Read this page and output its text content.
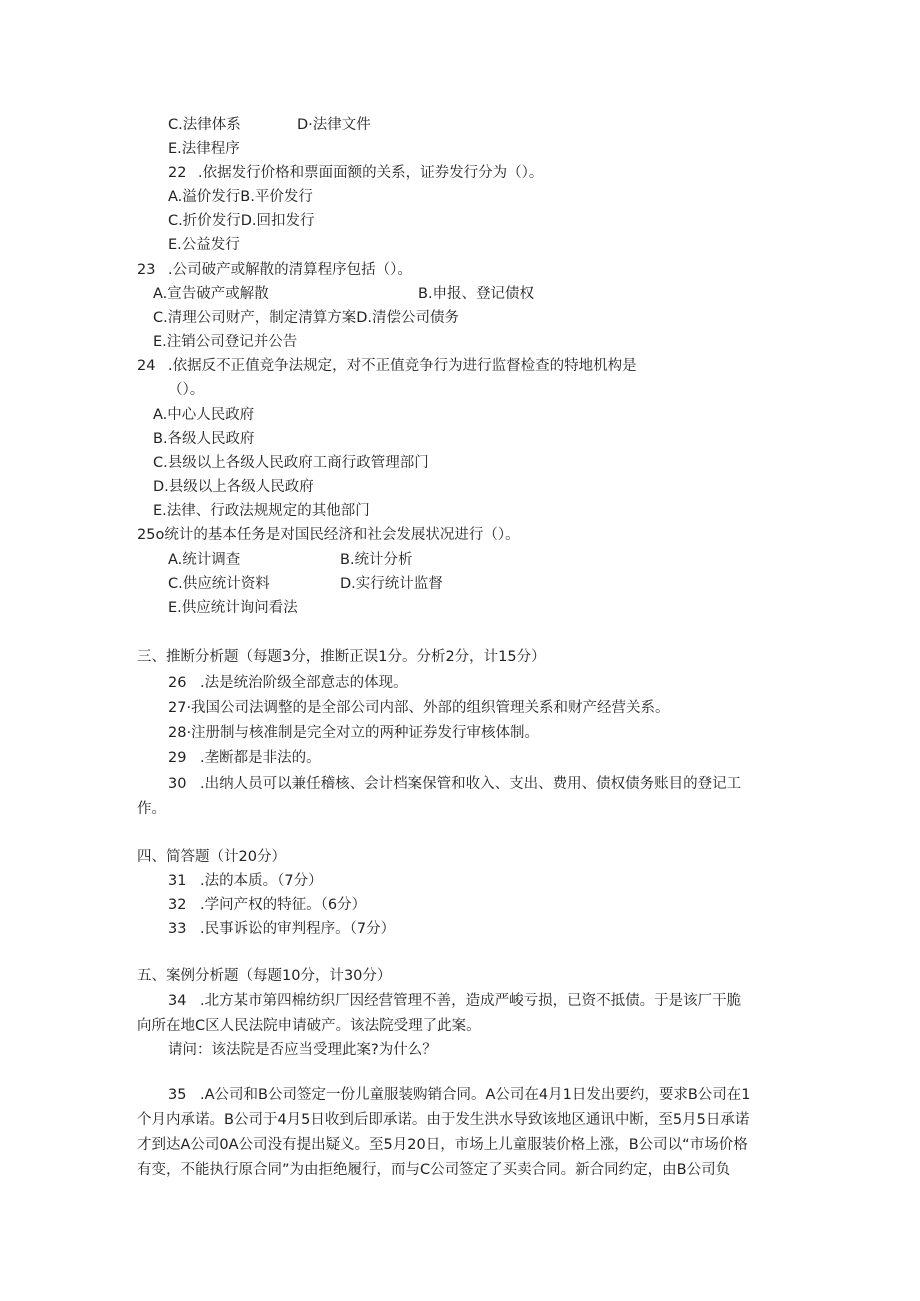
C.法律体系	D·法律文件
E.法律程序
22 .依据发行价格和票面面额的关系，证券发行分为（）。
A.溢价发行B.平价发行
C.折价发行D.回扣发行
E.公益发行
23 .公司破产或解散的清算程序包括（）。
A.宣告破产或解散	B.申报、登记债权
C.清理公司财产，制定清算方案D.清偿公司债务
E.注销公司登记并公告
24 .依据反不正值竞争法规定，对不正值竞争行为进行监督检查的特地机构是
（）。
A.中心人民政府
B.各级人民政府
C.县级以上各级人民政府工商行政管理部门
D.县级以上各级人民政府
E.法律、行政法规规定的其他部门
25o统计的基本任务是对国民经济和社会发展状况进行（）。
A.统计调查	B.统计分析
C.供应统计资料	D.实行统计监督
E.供应统计询问看法
三、推断分析题（每题3分，推断正误1分。分析2分，计15分）
26 .法是统治阶级全部意志的体现。
27·我国公司法调整的是全部公司内部、外部的组织管理关系和财产经营关系。
28·注册制与核准制是完全对立的两种证券发行审核体制。
29 .垄断都是非法的。
30 .出纳人员可以兼任稽核、会计档案保管和收入、支出、费用、债权债务账目的登记工
作。
四、简答题（计20分）
31 .法的本质。（7分）
32 .学问产权的特征。（6分）
33 .民事诉讼的审判程序。（7分）
五、案例分析题（每题10分，计30分）
34 .北方某市第四棉纺织厂因经营管理不善，造成严峻亏损，已资不抵债。于是该厂干脆
向所在地C区人民法院申请破产。该法院受理了此案。
请问：该法院是否应当受理此案?为什么？
35 .A公司和B公司签定一份儿童服装购销合同。A公司在4月1日发出要约，要求B公司在1
个月内承诺。B公司于4月5日收到后即承诺。由于发生洪水导致该地区通讯中断，至5月5日承诺
才到达A公司0A公司没有提出疑义。至5月20日，市场上儿童服装价格上涨，B公司以“市场价格
有变，不能执行原合同”为由拒绝履行，而与C公司签定了买卖合同。新合同约定，由B公司负
